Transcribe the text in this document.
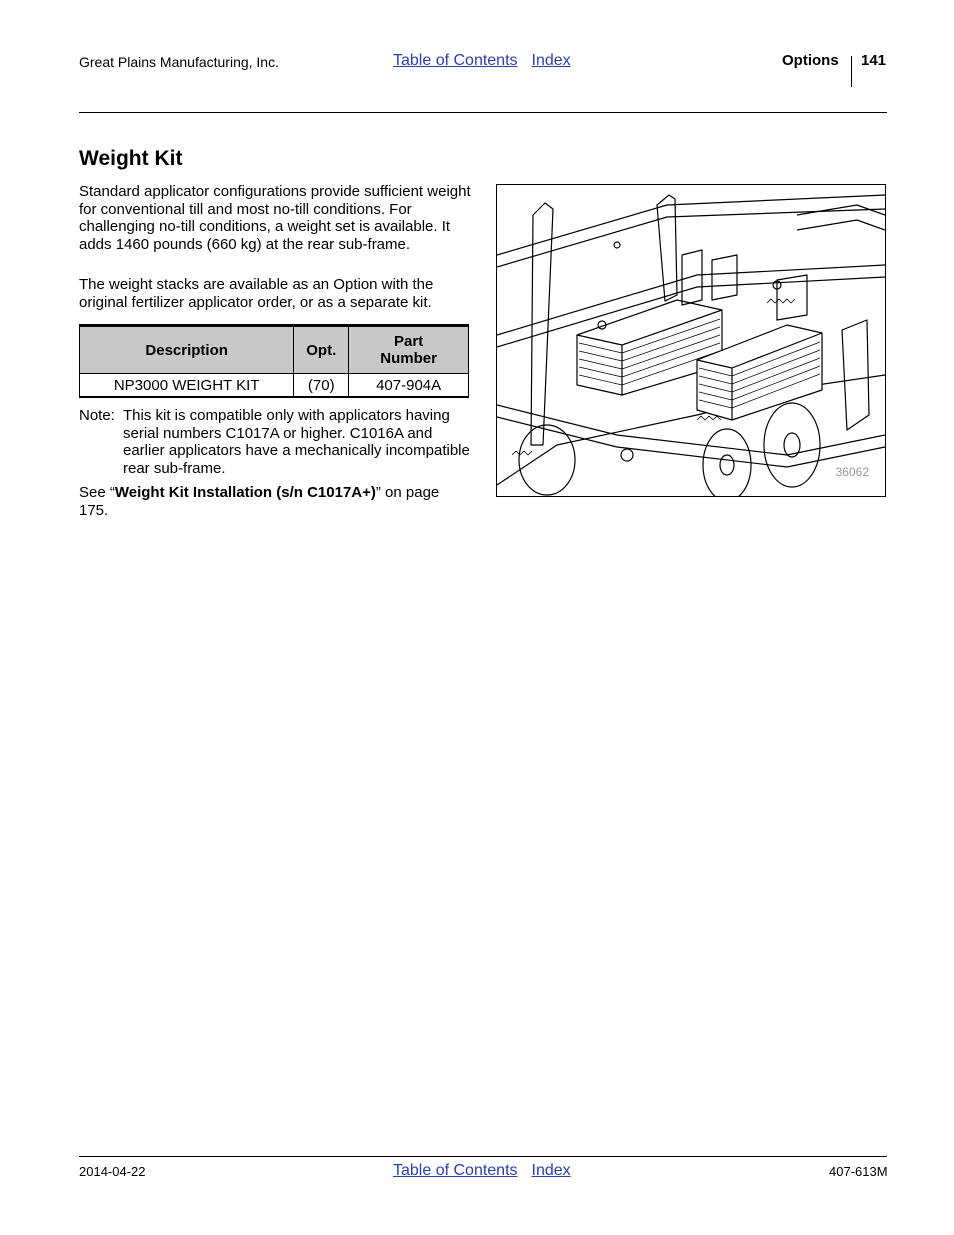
Great Plains Manufacturing, Inc.	Table of Contents Index	Options 141
Weight Kit
Standard applicator configurations provide sufficient weight for conventional till and most no-till conditions. For challenging no-till conditions, a weight set is available. It adds 1460 pounds (660 kg) at the rear sub-frame.
The weight stacks are available as an Option with the original fertilizer applicator order, or as a separate kit.
Description	Opt.	Part Number
NP3000 WEIGHT KIT	(70)	407-904A
Note: This kit is compatible only with applicators having serial numbers C1017A or higher. C1016A and earlier applicators have a mechanically incompatible rear sub-frame.
See “Weight Kit Installation (s/n C1017A+)” on page 175.
36062
2014-04-22	Table of Contents Index	407-613M
